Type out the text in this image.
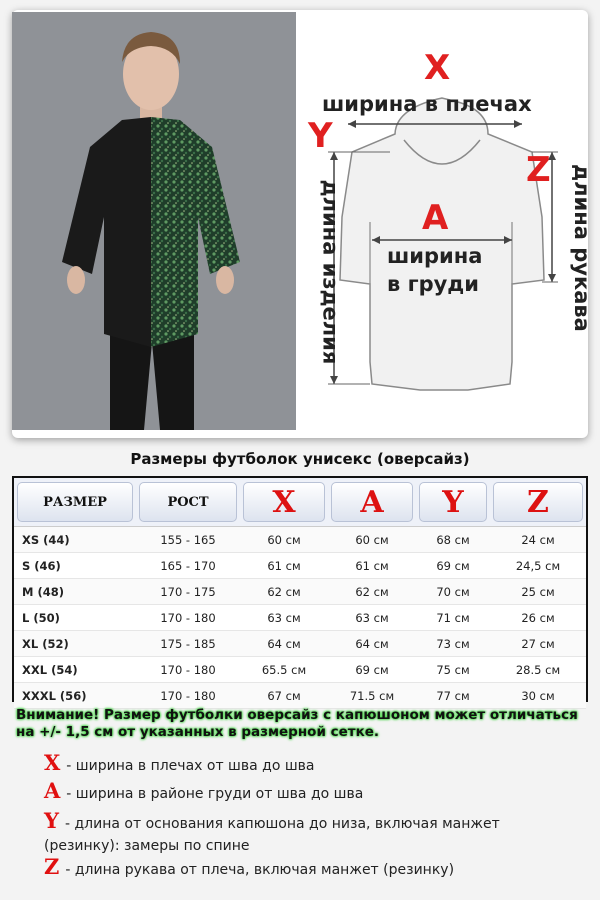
X
ширина в плечах
Y
Z
A
ширина
в груди
длина изделия	длина рукава
Размеры футболок унисекс (оверсайз)
РАЗМЕР	РОСТ	X	A	Y	Z

XS (44)	155 - 165	60 см	60 см	68 см	24 см
S (46)	165 - 170	61 см	61 см	69 см	24,5 см
M (48)	170 - 175	62 см	62 см	70 см	25 см
L (50)	170 - 180	63 см	63 см	71 см	26 см
XL (52)	175 - 185	64 см	64 см	73 см	27 см
XXL (54)	170 - 180	65.5 см	69 см	75 см	28.5 см
XXXL (56)	170 - 180	67 см	71.5 см	77 см	30 см
Внимание! Размер футболки оверсайз с капюшоном может отличаться на +/- 1,5 см от указанных в размерной сетке.
X - ширина в плечах от шва до шва
A - ширина в районе груди от шва до шва
Y - длина от основания капюшона до низа, включая манжет (резинку): замеры по спине
Z - длина рукава от плеча, включая манжет (резинку)
